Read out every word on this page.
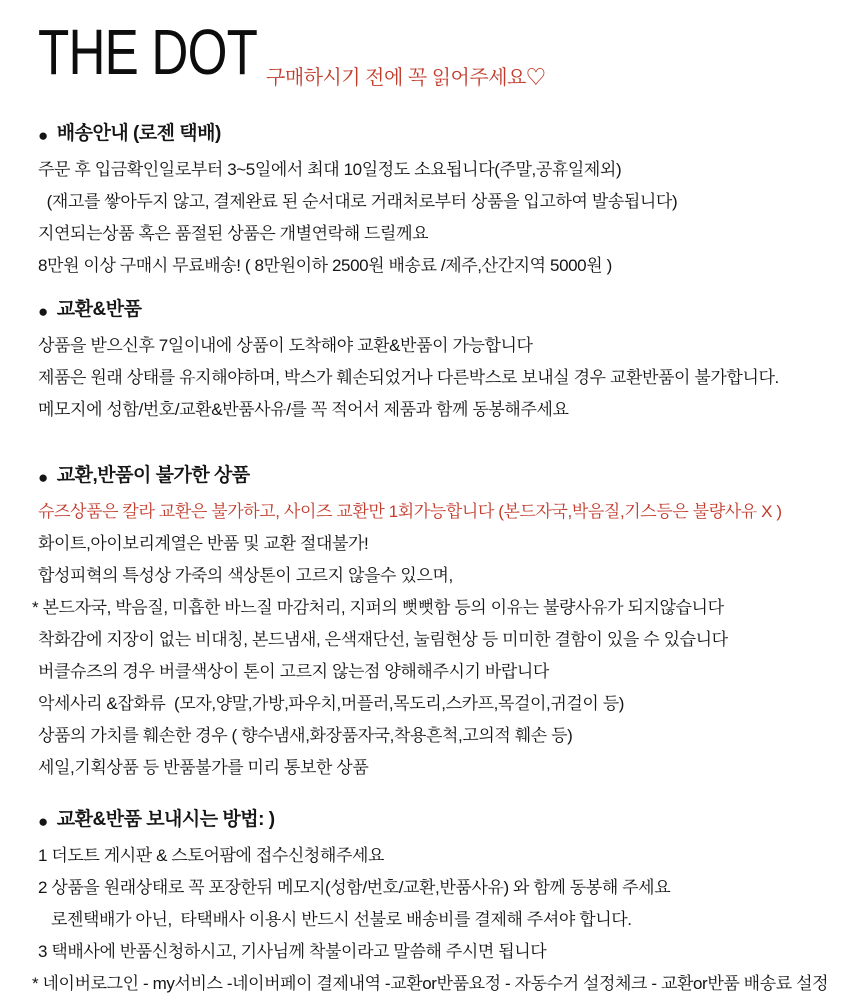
THE DOT 구매하시기 전에 꼭 읽어주세요♡
● 배송안내 (로젠 택배)

주문 후 입금확인일로부터 3~5일에서 최대 10일정도 소요됩니다(주말,공휴일제외)

(재고를 쌓아두지 않고, 결제완료 된 순서대로 거래처로부터 상품을 입고하여 발송됩니다)

지연되는상품 혹은 품절된 상품은 개별연락해 드릴께요

8만원 이상 구매시 무료배송! ( 8만원이하 2500원 배송료 /제주,산간지역 5000원 )

● 교환&반품

상품을 받으신후 7일이내에 상품이 도착해야 교환&반품이 가능합니다

제품은 원래 상태를 유지해야하며, 박스가 훼손되었거나 다른박스로 보내실 경우 교환반품이 불가합니다.

메모지에 성함/번호/교환&반품사유/를 꼭 적어서 제품과 함께 동봉해주세요

● 교환,반품이 불가한 상품

슈즈상품은 칼라 교환은 불가하고, 사이즈 교환만 1회가능합니다 (본드자국,박음질,기스등은 불량사유 X )

화이트,아이보리계열은 반품 및 교환 절대불가!

합성피혁의 특성상 가죽의 색상톤이 고르지 않을수 있으며,

* 본드자국, 박음질, 미흡한 바느질 마감처리, 지퍼의 뻣뻣함 등의 이유는 불량사유가 되지않습니다

착화감에 지장이 없는 비대칭, 본드냄새, 은색재단선, 눌림현상 등 미미한 결함이 있을 수 있습니다

버클슈즈의 경우 버클색상이 톤이 고르지 않는점 양해해주시기 바랍니다

악세사리 &잡화류  (모자,양말,가방,파우치,머플러,목도리,스카프,목걸이,귀걸이 등)

상품의 가치를 훼손한 경우 ( 향수냄새,화장품자국,착용흔척,고의적 훼손 등)

세일,기획상품 등 반품불가를 미리 통보한 상품

● 교환&반품 보내시는 방법: )

1 더도트 게시판 & 스토어팜에 접수신청해주세요

2 상품을 원래상태로 꼭 포장한뒤 메모지(성함/번호/교환,반품사유) 와 함께 동봉해 주세요

로젠택배가 아닌,  타택배사 이용시 반드시 선불로 배송비를 결제해 주셔야 합니다.

3 택배사에 반품신청하시고, 기사님께 착불이라고 말씀해 주시면 됩니다

* 네이버로그인 - my서비스 -네이버페이 결제내역 -교환or반품요정 - 자동수거 설정체크 - 교환or반품 배송료 설정
